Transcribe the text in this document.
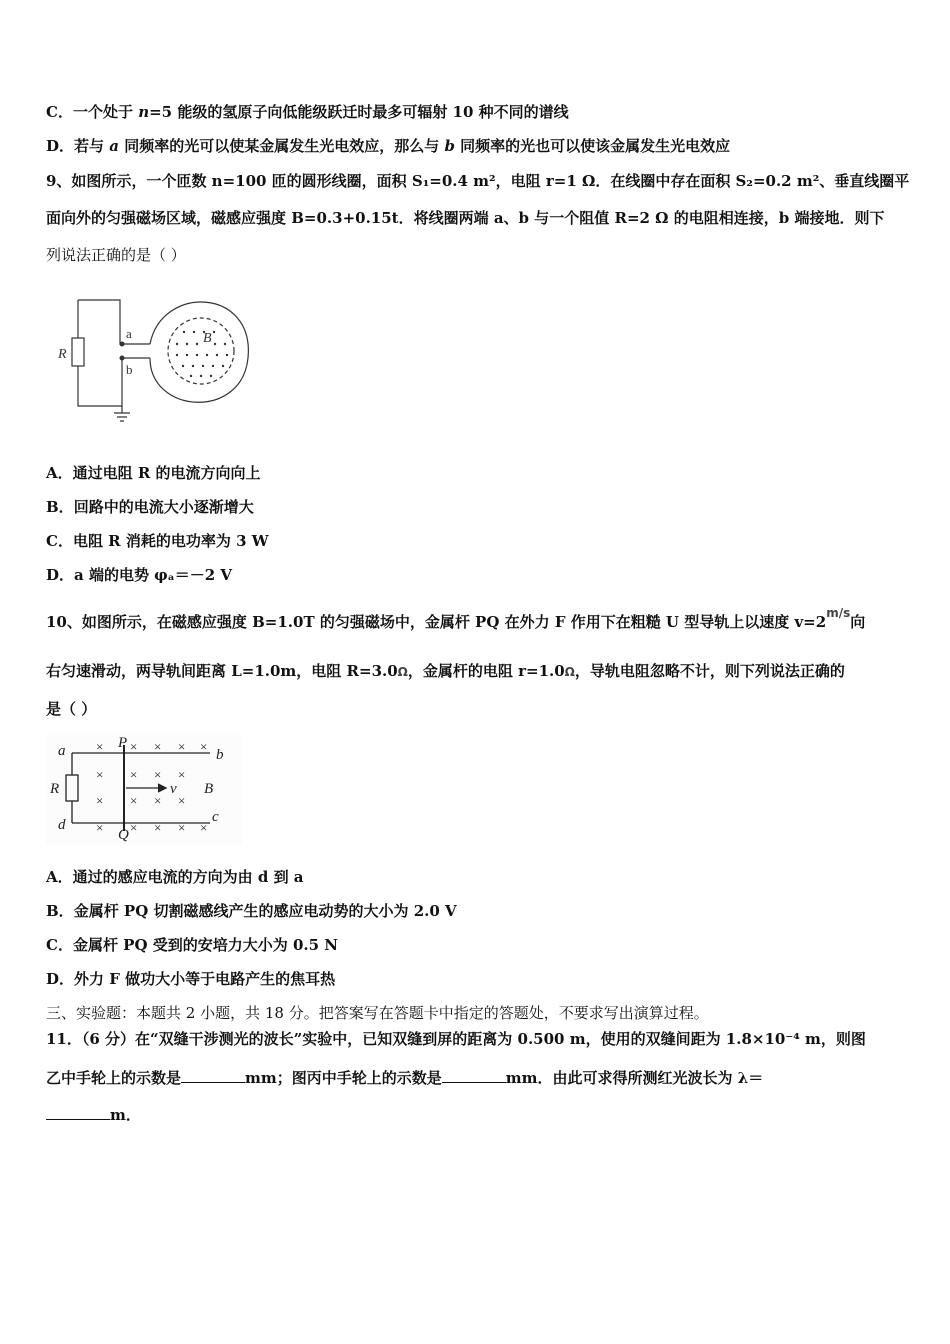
C．一个处于 n=5 能级的氢原子向低能级跃迁时最多可辐射 10 种不同的谱线
D．若与 a 同频率的光可以使某金属发生光电效应，那么与 b 同频率的光也可以使该金属发生光电效应
9、如图所示，一个匝数 n=100 匝的圆形线圈，面积 S₁=0.4 m²，电阻 r=1 Ω．在线圈中存在面积 S₂=0.2 m²、垂直线圈平
面向外的匀强磁场区域，磁感应强度 B=0.3+0.15t．将线圈两端 a、b 与一个阻值 R=2 Ω 的电阻相连接，b 端接地．则下
列说法正确的是（ ）
R
a
b
B
A．通过电阻 R 的电流方向向上
B．回路中的电流大小逐渐增大
C．电阻 R 消耗的电功率为 3 W
D．a 端的电势 φₐ＝－2 V
10、如图所示，在磁感应强度 B=1.0T 的匀强磁场中，金属杆 PQ 在外力 F 作用下在粗糙 U 型导轨上以速度 $v=2^{m/s}$向
右匀速滑动，两导轨间距离 L=1.0m，电阻 R=3.0Ω，金属杆的电阻 r=1.0Ω，导轨电阻忽略不计，则下列说法正确的
是（ ）
× × × × ×
× × × ×
× × × ×
× × × × ×
a
d
R
P
Q
b
c
v B
A．通过的感应电流的方向为由 d 到 a
B．金属杆 PQ 切割磁感线产生的感应电动势的大小为 2.0 V
C．金属杆 PQ 受到的安培力大小为 0.5 N
D．外力 F 做功大小等于电路产生的焦耳热
三、实验题：本题共 2 小题，共 18 分。把答案写在答题卡中指定的答题处，不要求写出演算过程。
11．（6 分）在“双缝干涉测光的波长”实验中，已知双缝到屏的距离为 0.500 m，使用的双缝间距为 1.8×10⁻⁴ m，则图
乙中手轮上的示数是	mm；图丙中手轮上的示数是	mm．由此可求得所测红光波长为 λ＝
m．
